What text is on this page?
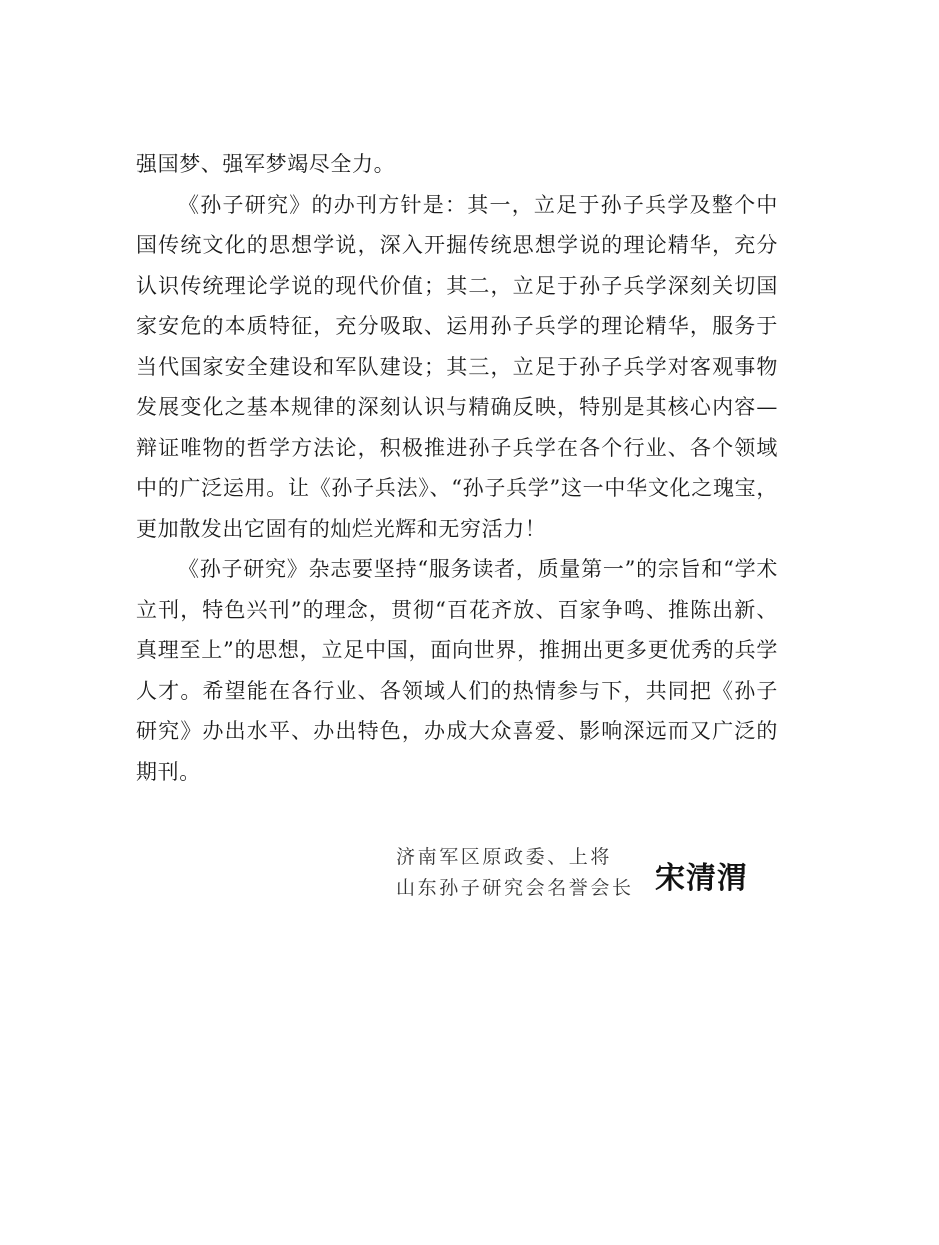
强国梦、强军梦竭尽全力。

《孙子研究》的办刊方针是：其一，立足于孙子兵学及整个中国传统文化的思想学说，深入开掘传统思想学说的理论精华，充分认识传统理论学说的现代价值；其二，立足于孙子兵学深刻关切国家安危的本质特征，充分吸取、运用孙子兵学的理论精华，服务于当代国家安全建设和军队建设；其三，立足于孙子兵学对客观事物发展变化之基本规律的深刻认识与精确反映，特别是其核心内容—辩证唯物的哲学方法论，积极推进孙子兵学在各个行业、各个领域中的广泛运用。让《孙子兵法》、“孙子兵学”这一中华文化之瑰宝，更加散发出它固有的灿烂光辉和无穷活力！

《孙子研究》杂志要坚持“服务读者，质量第一”的宗旨和“学术立刊，特色兴刊”的理念，贯彻“百花齐放、百家争鸣、推陈出新、真理至上”的思想，立足中国，面向世界，推拥出更多更优秀的兵学人才。希望能在各行业、各领域人们的热情参与下，共同把《孙子研究》办出水平、办出特色，办成大众喜爱、影响深远而又广泛的期刊。

济南军区原政委、上将
山东孙子研究会名誉会长 宋清渭
